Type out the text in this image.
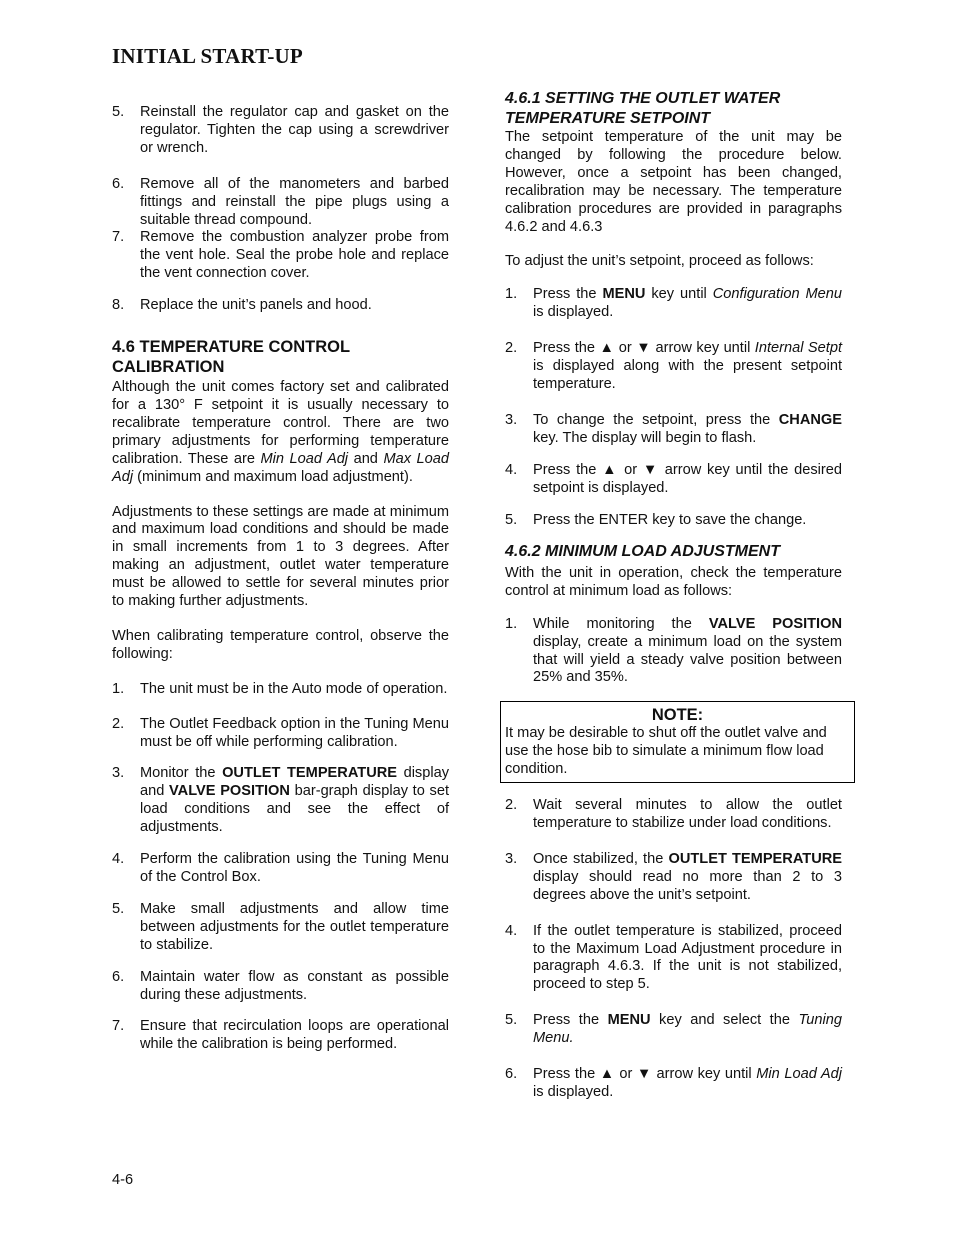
INITIAL START-UP
5.	Reinstall the regulator cap and gasket on the regulator. Tighten the cap using a screwdriver or wrench.
6.	Remove all of the manometers and barbed fittings and reinstall the pipe plugs using a suitable thread compound.
7.	Remove the combustion analyzer probe from the vent hole. Seal the probe hole and replace the vent connection cover.
8.	Replace the unit’s panels and hood.
4.6 TEMPERATURE CONTROL CALIBRATION

Although the unit comes factory set and calibrated for a 130° F setpoint it is usually necessary to recalibrate temperature control. There are two primary adjustments for performing temperature calibration. These are Min Load Adj and Max Load Adj (minimum and maximum load adjustment).

Adjustments to these settings are made at minimum and maximum load conditions and should be made in small increments from 1 to 3 degrees. After making an adjustment, outlet water temperature must be allowed to settle for several minutes prior to making further adjustments.

When calibrating temperature control, observe the following:

1.	The unit must be in the Auto mode of operation.
2.	The Outlet Feedback option in the Tuning Menu must be off while performing calibration.
3.	Monitor the OUTLET TEMPERATURE display and VALVE POSITION bar-graph display to set load conditions and see the effect of adjustments.
4.	Perform the calibration using the Tuning Menu of the Control Box.
5.	Make small adjustments and allow time between adjustments for the outlet temperature to stabilize.
6.	Maintain water flow as constant as possible during these adjustments.
7.	Ensure that recirculation loops are operational while the calibration is being performed.
4.6.1 SETTING THE OUTLET WATER TEMPERATURE SETPOINT

The setpoint temperature of the unit may be changed by following the procedure below. However, once a setpoint has been changed, recalibration may be necessary. The temperature calibration procedures are provided in paragraphs 4.6.2 and 4.6.3

To adjust the unit’s setpoint, proceed as follows:

1.	Press the MENU key until Configuration Menu is displayed.
2.	Press the ▲ or ▼ arrow key until Internal Setpt is displayed along with the present setpoint temperature.
3.	To change the setpoint, press the CHANGE key. The display will begin to flash.
4.	Press the ▲ or ▼ arrow key until the desired setpoint is displayed.
5.	Press the ENTER key to save the change.
4.6.2 MINIMUM LOAD ADJUSTMENT

With the unit in operation, check the temperature control at minimum load as follows:

1.	While monitoring the VALVE POSITION display, create a minimum load on the system that will yield a steady valve position between 25% and 35%.
NOTE:
It may be desirable to shut off the outlet valve and use the hose bib to simulate a minimum flow load condition.
2.	Wait several minutes to allow the outlet temperature to stabilize under load conditions.
3.	Once stabilized, the OUTLET TEMPERATURE display should read no more than 2 to 3 degrees above the unit’s setpoint.
4.	If the outlet temperature is stabilized, proceed to the Maximum Load Adjustment procedure in paragraph 4.6.3. If the unit is not stabilized, proceed to step 5.
5.	Press the MENU key and select the Tuning Menu.
6.	Press the ▲ or ▼ arrow key until Min Load Adj is displayed.
4-6
